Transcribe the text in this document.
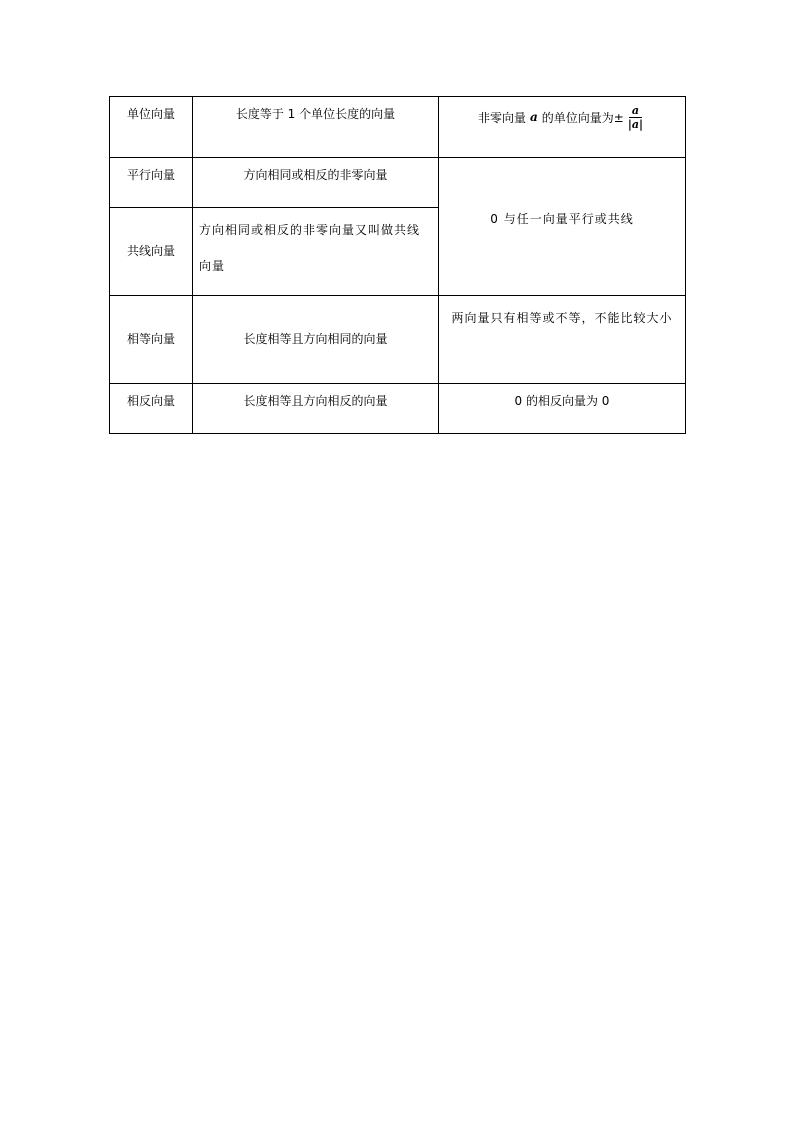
单位向量	长度等于 1 个单位长度的向量	非零向量 a 的单位向量为± $\frac{a}{|a|}$

平行向量	方向相同或相反的非零向量	0 与任一向量平行或共线

共线向量	方向相同或相反的非零向量又叫做共线向量	

相等向量	长度相等且方向相同的向量	两向量只有相等或不等，不能比较大小

相反向量	长度相等且方向相反的向量	0 的相反向量为 0
